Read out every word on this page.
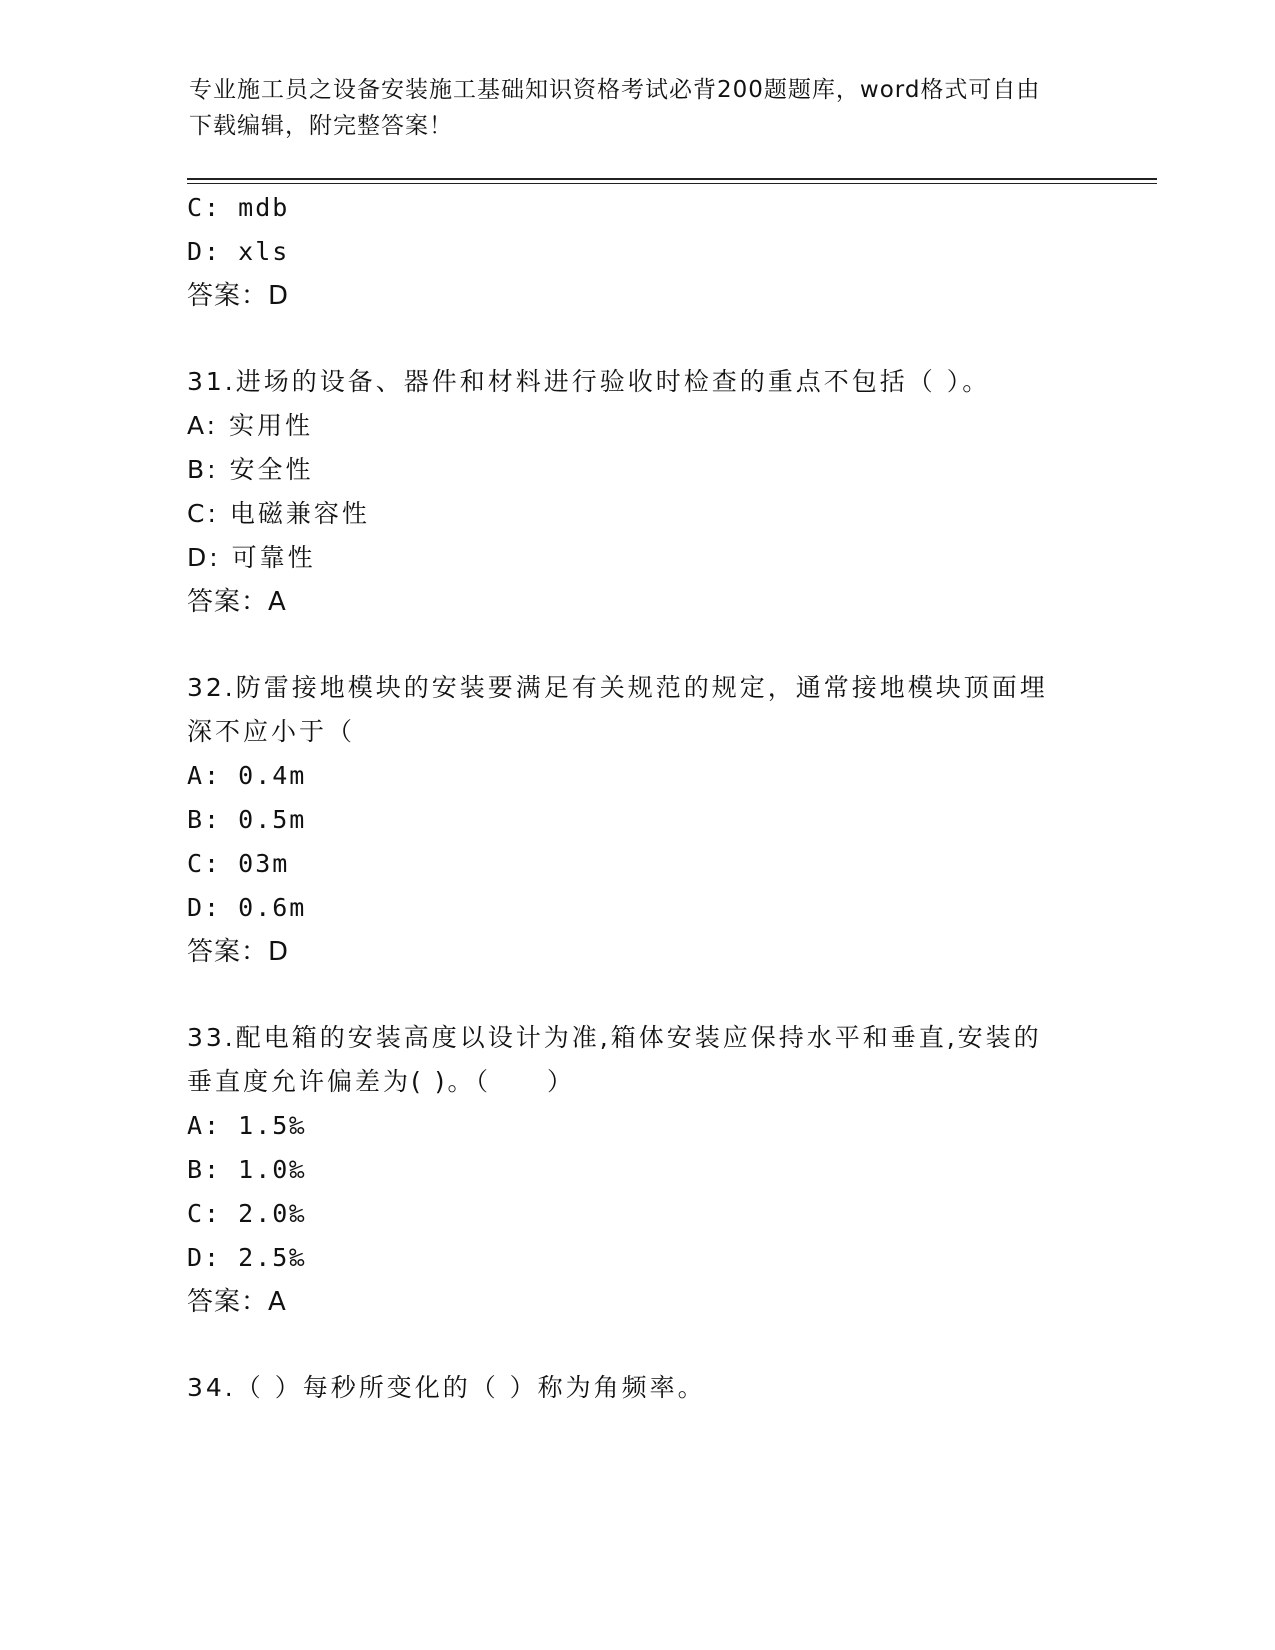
专业施工员之设备安装施工基础知识资格考试必背200题题库，word格式可自由
下载编辑，附完整答案！
C: mdb
D: xls
答案：D
31.进场的设备、器件和材料进行验收时检查的重点不包括（ ）。
A: 实用性
B: 安全性
C: 电磁兼容性
D: 可靠性
答案：A
32.防雷接地模块的安装要满足有关规范的规定，通常接地模块顶面埋
深不应小于（
A: 0.4m
B: 0.5m
C: 03m
D: 0.6m
答案：D
33.配电箱的安装高度以设计为准,箱体安装应保持水平和垂直,安装的
垂直度允许偏差为( )。（　　）
A: 1.5‰
B: 1.0‰
C: 2.0‰
D: 2.5‰
答案：A
34.（ ）每秒所变化的（ ）称为角频率。
